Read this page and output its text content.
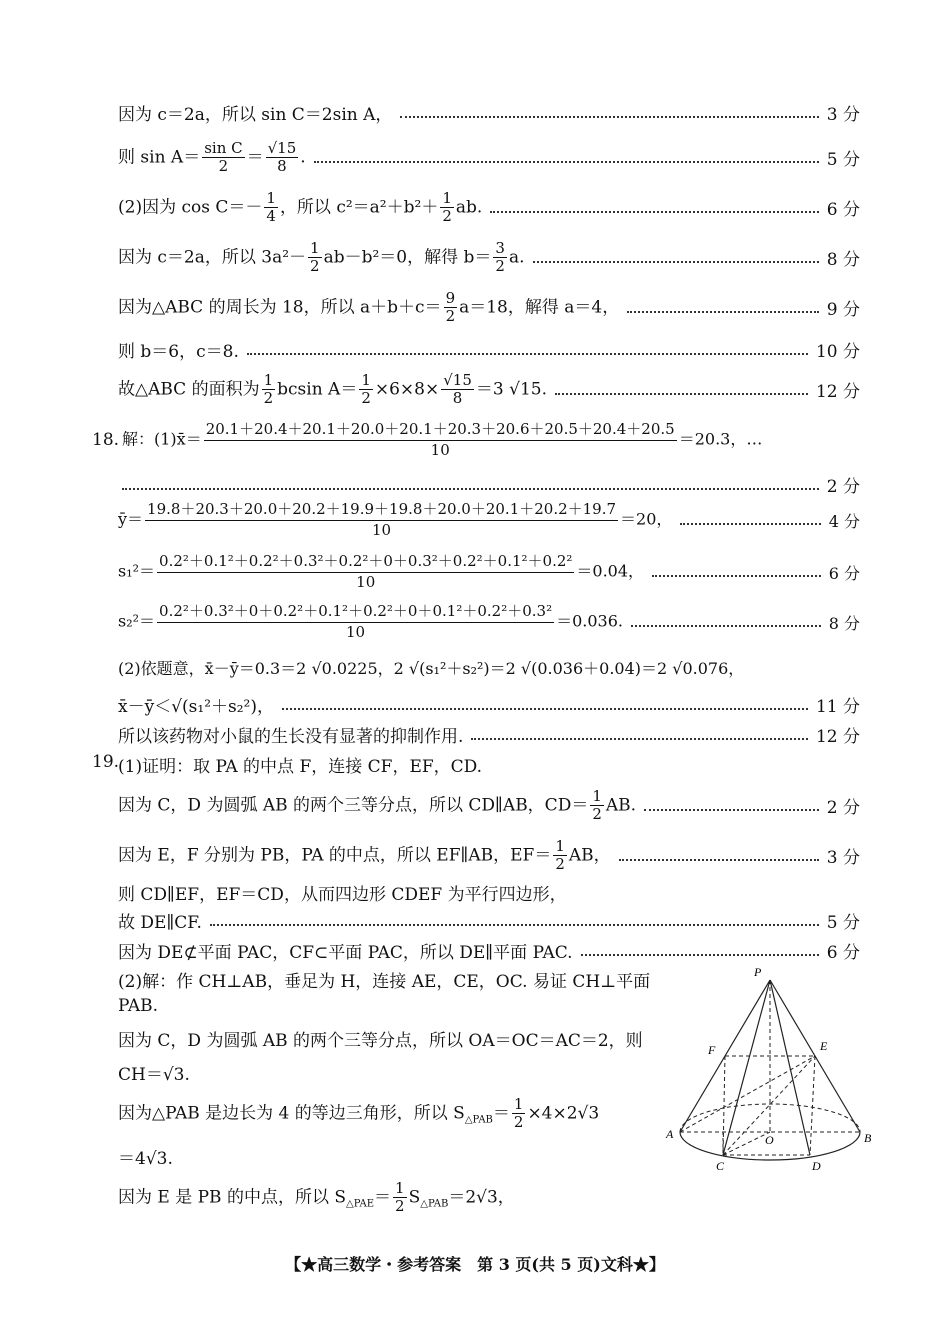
因为 c＝2a，所以 sin C＝2sin A，	3 分
则 $\sin A= \frac{\text{sin C}}{2} = \frac{√15}{8}$ .	5 分
(2)因为 $\cos C=- \frac{1}{4}$ ，所以 $c^2=a^2+b^2+ \frac{1}{2}$ ab.	6 分
因为 c＝2a，所以 $3a^2- \frac{1}{2} ab-b^2=0$，解得 $b= \frac{3}{2} a$.	8 分
因为△ABC 的周长为 18，所以 $a+b+c= \frac{9}{2} a=18$，解得 a＝4，	9 分
则 b＝6，c＝8.	10 分
故△ABC 的面积为 $\frac{1}{2}$ bcsin $A= \frac{1}{2} \times 6\times 8\times \frac{√15}{8} =3$ √15.	12 分
18. 解：(1)x̄＝ $\frac{20.1+20.4+20.1+20.0+20.1+20.3+20.6+20.5+20.4+20.5}{10} =20.3$，…
2 分
ȳ＝ $\frac{19.8+20.3+20.0+20.2+19.9+19.8+20.0+20.1+20.2+19.7}{10} =20$，	4 分
$s_1^2= \frac{\text{0.2²＋0.1²＋0.2²＋0.3²＋0.2²＋0＋0.3²＋0.2²＋0.1²＋0.2²}}{10} =0.04$，	6 分
$s_2^2= \frac{\text{0.2²＋0.3²＋0＋0.2²＋0.1²＋0.2²＋0＋0.1²＋0.2²＋0.3²}}{10} =0.036$.	8 分
(2)依题意，x̄－ȳ＝0.3＝2 √0.0225，2 √(s₁²＋s₂²)＝2 √(0.036＋0.04)＝2 √0.076，
x̄－ȳ＜√(s₁²＋s₂²)，	11 分
所以该药物对小鼠的生长没有显著的抑制作用.	12 分
19.
(1)证明：取 PA 的中点 F，连接 CF，EF，CD.
因为 C，D 为圆弧 AB 的两个三等分点，所以 CD∥AB，$CD= \frac{1}{2}$ AB.	2 分
因为 E，F 分别为 PB，PA 的中点，所以 EF∥AB，$EF= \frac{1}{2}$ AB，	3 分
则 CD∥EF，EF＝CD，从而四边形 CDEF 为平行四边形，
故 DE∥CF.	5 分
因为 DE⊄平面 PAC，CF⊂平面 PAC，所以 DE∥平面 PAC.	6 分
(2)解：作 CH⊥AB，垂足为 H，连接 AE，CE，OC. 易证 CH⊥平面
PAB.
因为 C，D 为圆弧 AB 的两个三等分点，所以 OA＝OC＝AC＝2，则
CH＝√3.
因为△PAB 是边长为 4 的等边三角形，所以 $S_{\triangle PAB}= \frac{1}{2} \times 4\times 2√3$
＝4√3.
因为 E 是 PB 的中点，所以 $S_{\triangle PAE}= \frac{1}{2} S_{\triangle PAB}=2√3$，
P
F	E
A	O	B
C	D
【★高三数学・参考答案　第 3 页(共 5 页)文科★】
